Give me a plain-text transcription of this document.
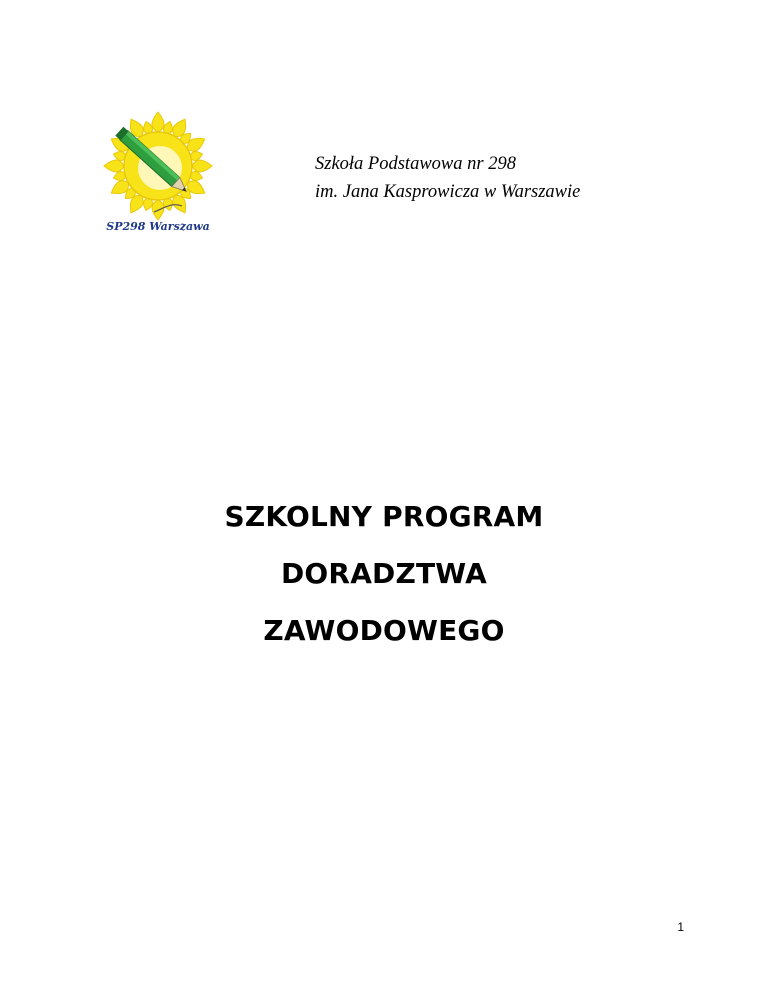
SP298 Warszawa
Szkoła Podstawowa nr 298
im. Jana Kasprowicza w Warszawie
SZKOLNY PROGRAM
DORADZTWA
ZAWODOWEGO
1
